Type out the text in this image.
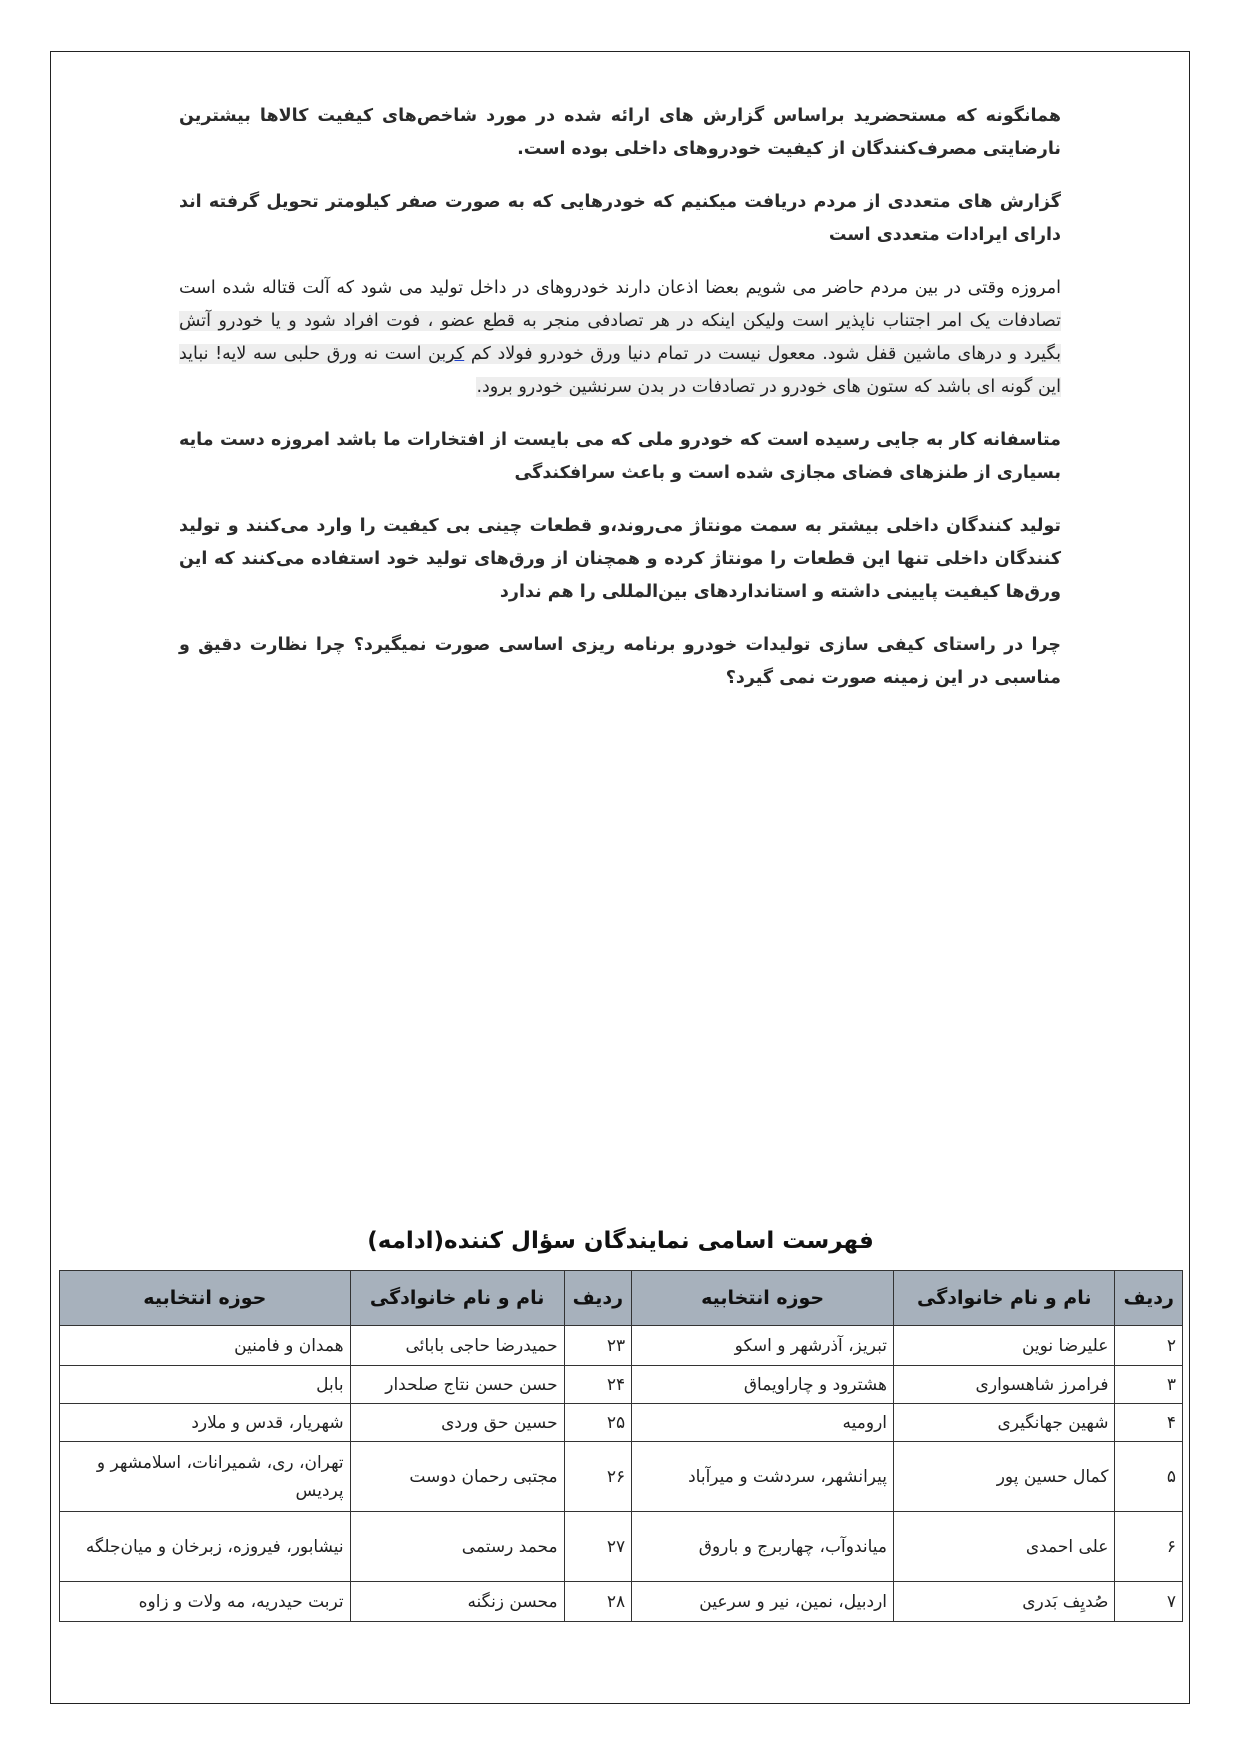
همانگونه که مستحضرید براساس گزارش های ارائه شده در مورد شاخص‌های کیفیت کالاها بیشترین نارضایتی مصرف‌کنندگان از کیفیت خودروهای داخلی بوده است.

گزارش های متعددی از مردم دریافت میکنیم که خودرهایی که به صورت صفر کیلومتر تحویل گرفته اند دارای ایرادات متعددی است

امروزه وقتی در بین مردم حاضر می شویم بعضا اذعان دارند خودروهای در داخل تولید می شود که آلت قتاله شده است تصادفات یک امر اجتناب ناپذیر است ولیکن اینکه در هر تصادفی منجر به قطع عضو ، فوت افراد شود و یا خودرو آتش بگیرد و درهای ماشین قفل شود. مععول نیست در تمام دنیا ورق خودرو فولاد کم کربن است نه ورق حلبی سه لایه! نباید این گونه ای باشد که ستون های خودرو در تصادفات در بدن سرنشین خودرو برود.

متاسفانه کار به جایی رسیده است که خودرو ملی که می بایست از افتخارات ما باشد امروزه دست مایه بسیاری از طنزهای فضای مجازی شده است و باعث سرافکندگی

تولید کنندگان داخلی بیشتر به سمت مونتاژ می‌روند،و قطعات چینی بی کیفیت را وارد می‌کنند و تولید کنندگان داخلی تنها این قطعات را مونتاژ کرده و همچنان از ورق‌های تولید خود استفاده می‌کنند که این ورق‌ها کیفیت پایینی داشته و استانداردهای بین‌المللی را هم ندارد

چرا در راستای کیفی سازی تولیدات خودرو برنامه ریزی اساسی صورت نمیگیرد؟ چرا نظارت دقیق و مناسبی در این زمینه صورت نمی گیرد؟

فهرست اسامی نمایندگان سؤال کننده(ادامه)
ردیف	نام و نام خانوادگی	حوزه انتخابیه	ردیف	نام و نام خانوادگی	حوزه انتخابیه
۲	علیرضا نوین	تبریز، آذرشهر و اسکو	۲۳	حمیدرضا حاجی بابائی	همدان و فامنین
۳	فرامرز شاهسواری	هشترود و چاراویماق	۲۴	حسن حسن نتاج صلحدار	بابل
۴	شهین جهانگیری	ارومیه	۲۵	حسین حق وردی	شهریار، قدس و ملارد
۵	کمال حسین پور	پیرانشهر، سردشت و میرآباد	۲۶	مجتبی رحمان دوست	تهران، ری، شمیرانات، اسلامشهر و پردیس
۶	علی احمدی	میاندوآب، چهاربرج و باروق	۲۷	محمد رستمی	نیشابور، فیروزه، زبرخان و میان‌جلگه
۷	صُدیِف بَدری	اردبیل، نمین، نیر و سرعین	۲۸	محسن زنگنه	تربت حیدریه، مه ولات و زاوه
